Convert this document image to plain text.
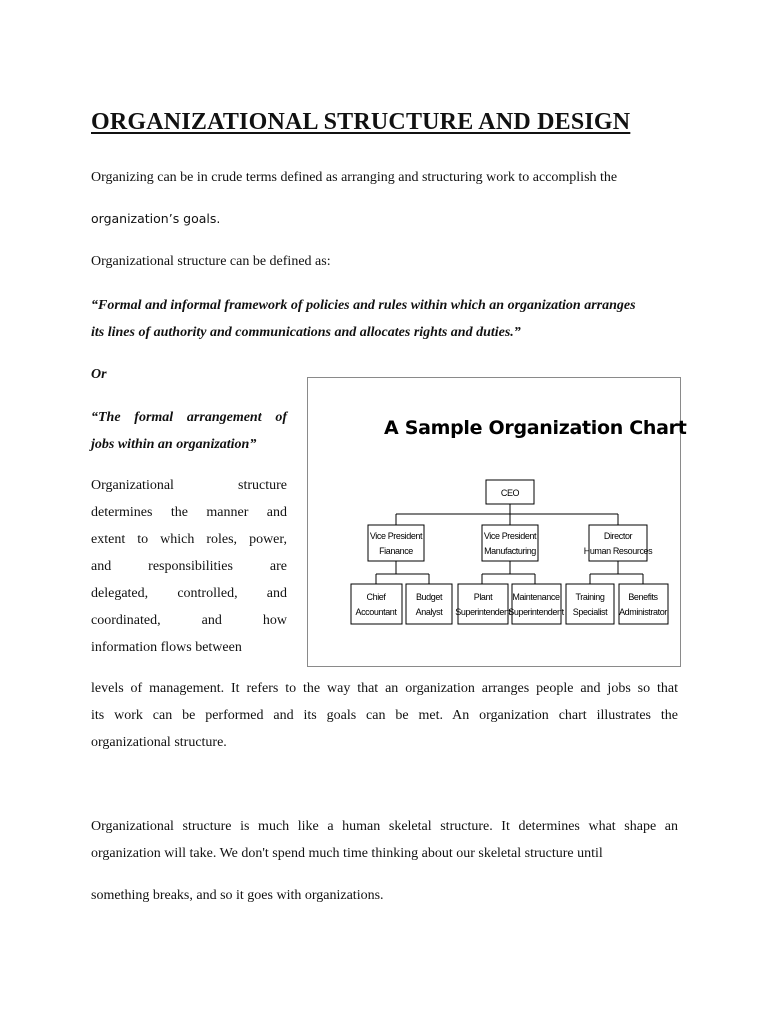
ORGANIZATIONAL STRUCTURE AND DESIGN

Organizing can be in crude terms defined as arranging and structuring work to accomplish the

organization’s goals.

Organizational structure can be defined as:

“Formal and informal framework of policies and rules within which an organization arranges

its lines of authority and communications and allocates rights and duties.”

Or

“The formal arrangement of
jobs within an organization”
Organizational structure
determines the manner and
extent to which roles, power,
and responsibilities are
delegated, controlled, and
coordinated, and how
information flows between
levels of management. It refers to the way that an organization arranges people and jobs so that
its work can be performed and its goals can be met. An organization chart illustrates the
organizational structure.
Organizational structure is much like a human skeletal structure. It determines what shape an
organization will take. We don't spend much time thinking about our skeletal structure until

something breaks, and so it goes with organizations.

A Sample Organization Chart
CEO
Vice President
Fianance
Vice President
Manufacturing
Director
Human Resources
Chief
Accountant
Budget
Analyst
Plant
Superintendent
Maintenance
Superintendent
Training
Specialist
Benefits
Administrator
